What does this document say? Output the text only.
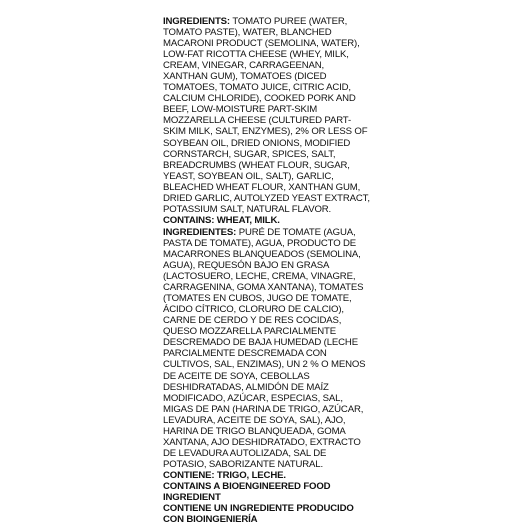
INGREDIENTS: TOMATO PUREE (WATER, TOMATO PASTE), WATER, BLANCHED MACARONI PRODUCT (SEMOLINA, WATER), LOW-FAT RICOTTA CHEESE (WHEY, MILK, CREAM, VINEGAR, CARRAGEENAN, XANTHAN GUM), TOMATOES (DICED TOMATOES, TOMATO JUICE, CITRIC ACID, CALCIUM CHLORIDE), COOKED PORK AND BEEF, LOW-MOISTURE PART-SKIM MOZZARELLA CHEESE (CULTURED PART-SKIM MILK, SALT, ENZYMES), 2% OR LESS OF SOYBEAN OIL, DRIED ONIONS, MODIFIED CORNSTARCH, SUGAR, SPICES, SALT, BREADCRUMBS (WHEAT FLOUR, SUGAR, YEAST, SOYBEAN OIL, SALT), GARLIC, BLEACHED WHEAT FLOUR, XANTHAN GUM, DRIED GARLIC, AUTOLYZED YEAST EXTRACT, POTASSIUM SALT, NATURAL FLAVOR.

CONTAINS: WHEAT, MILK.

INGREDIENTES: PURÉ DE TOMATE (AGUA, PASTA DE TOMATE), AGUA, PRODUCTO DE MACARRONES BLANQUEADOS (SEMOLINA, AGUA), REQUESÓN BAJO EN GRASA (LACTOSUERO, LECHE, CREMA, VINAGRE, CARRAGENINA, GOMA XANTANA), TOMATES (TOMATES EN CUBOS, JUGO DE TOMATE, ÁCIDO CÍTRICO, CLORURO DE CALCIO), CARNE DE CERDO Y DE RES COCIDAS, QUESO MOZZARELLA PARCIALMENTE DESCREMADO DE BAJA HUMEDAD (LECHE PARCIALMENTE DESCREMADA CON CULTIVOS, SAL, ENZIMAS), UN 2 % O MENOS DE ACEITE DE SOYA, CEBOLLAS DESHIDRATADAS, ALMIDÓN DE MAÍZ MODIFICADO, AZÚCAR, ESPECIAS, SAL, MIGAS DE PAN (HARINA DE TRIGO, AZÚCAR, LEVADURA, ACEITE DE SOYA, SAL), AJO, HARINA DE TRIGO BLANQUEADA, GOMA XANTANA, AJO DESHIDRATADO, EXTRACTO DE LEVADURA AUTOLIZADA, SAL DE POTASIO, SABORIZANTE NATURAL.

CONTIENE: TRIGO, LECHE.

CONTAINS A BIOENGINEERED FOOD INGREDIENT

CONTIENE UN INGREDIENTE PRODUCIDO

CON BIOINGENIERÍA
